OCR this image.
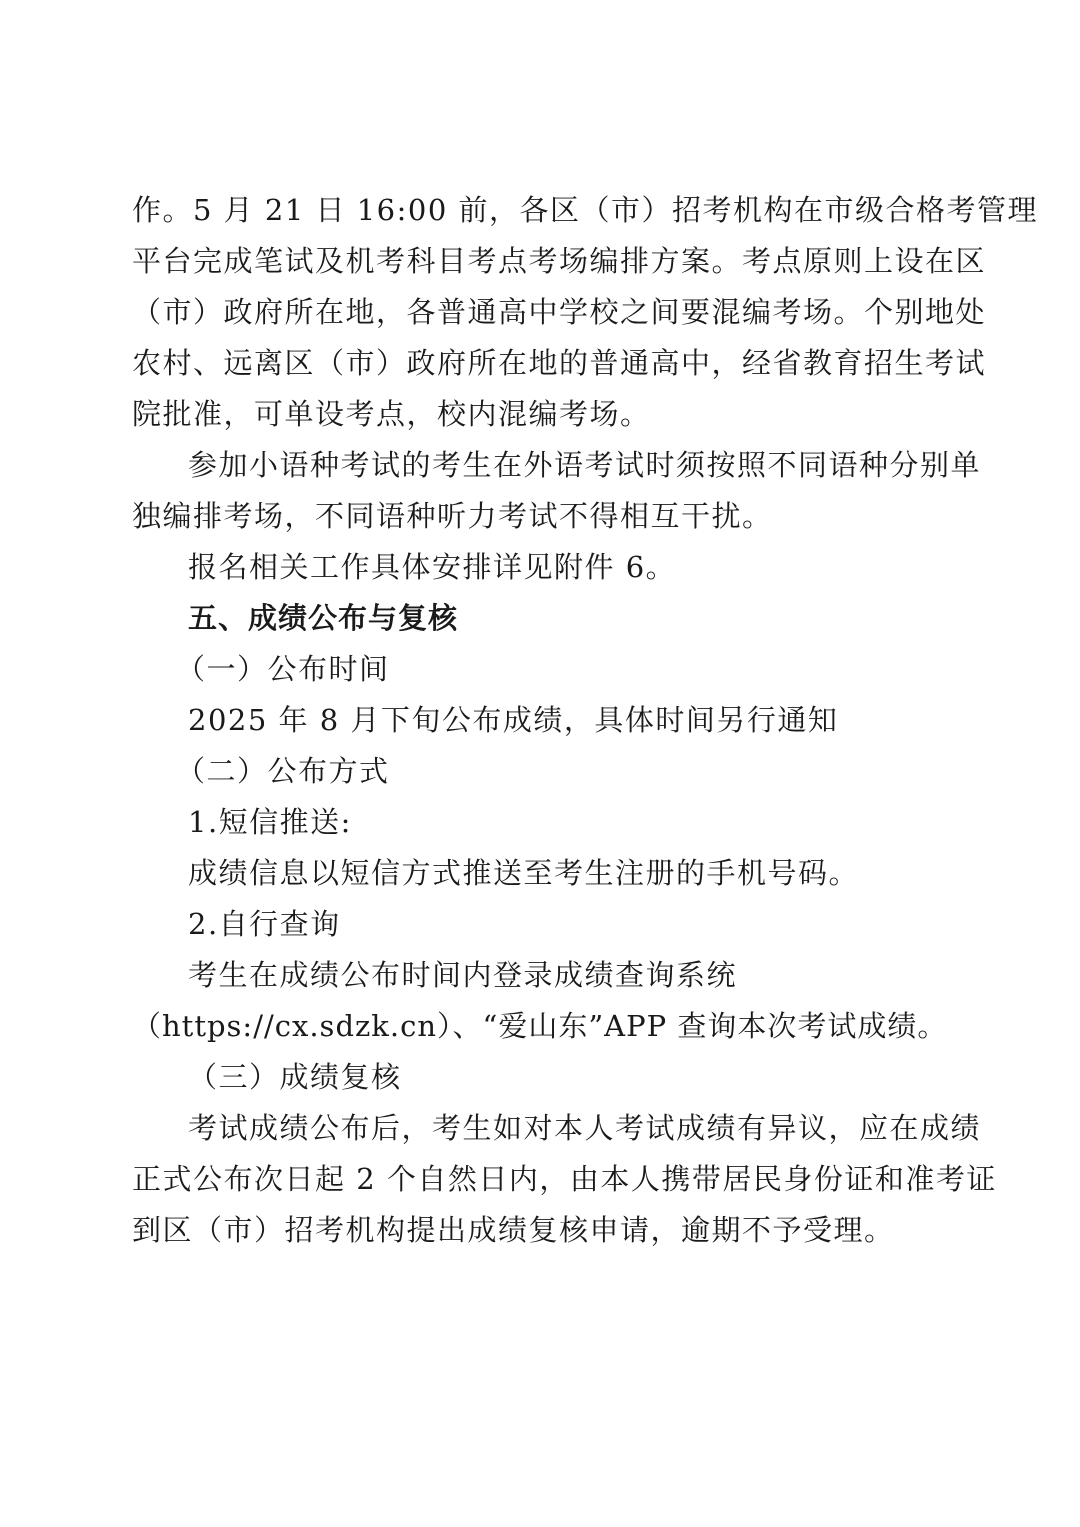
作。5 月 21 日 16:00 前，各区（市）招考机构在市级合格考管理
平台完成笔试及机考科目考点考场编排方案。考点原则上设在区
（市）政府所在地，各普通高中学校之间要混编考场。个别地处
农村、远离区（市）政府所在地的普通高中，经省教育招生考试
院批准，可单设考点，校内混编考场。
参加小语种考试的考生在外语考试时须按照不同语种分别单
独编排考场，不同语种听力考试不得相互干扰。
报名相关工作具体安排详见附件 6。
五、成绩公布与复核
（一）公布时间
2025 年 8 月下旬公布成绩，具体时间另行通知
（二）公布方式
1.短信推送:
成绩信息以短信方式推送至考生注册的手机号码。
2.自行查询
考生在成绩公布时间内登录成绩查询系统
（https://cx.sdzk.cn）、“爱山东”APP 查询本次考试成绩。
（三）成绩复核
考试成绩公布后，考生如对本人考试成绩有异议，应在成绩
正式公布次日起 2 个自然日内，由本人携带居民身份证和准考证
到区（市）招考机构提出成绩复核申请，逾期不予受理。
